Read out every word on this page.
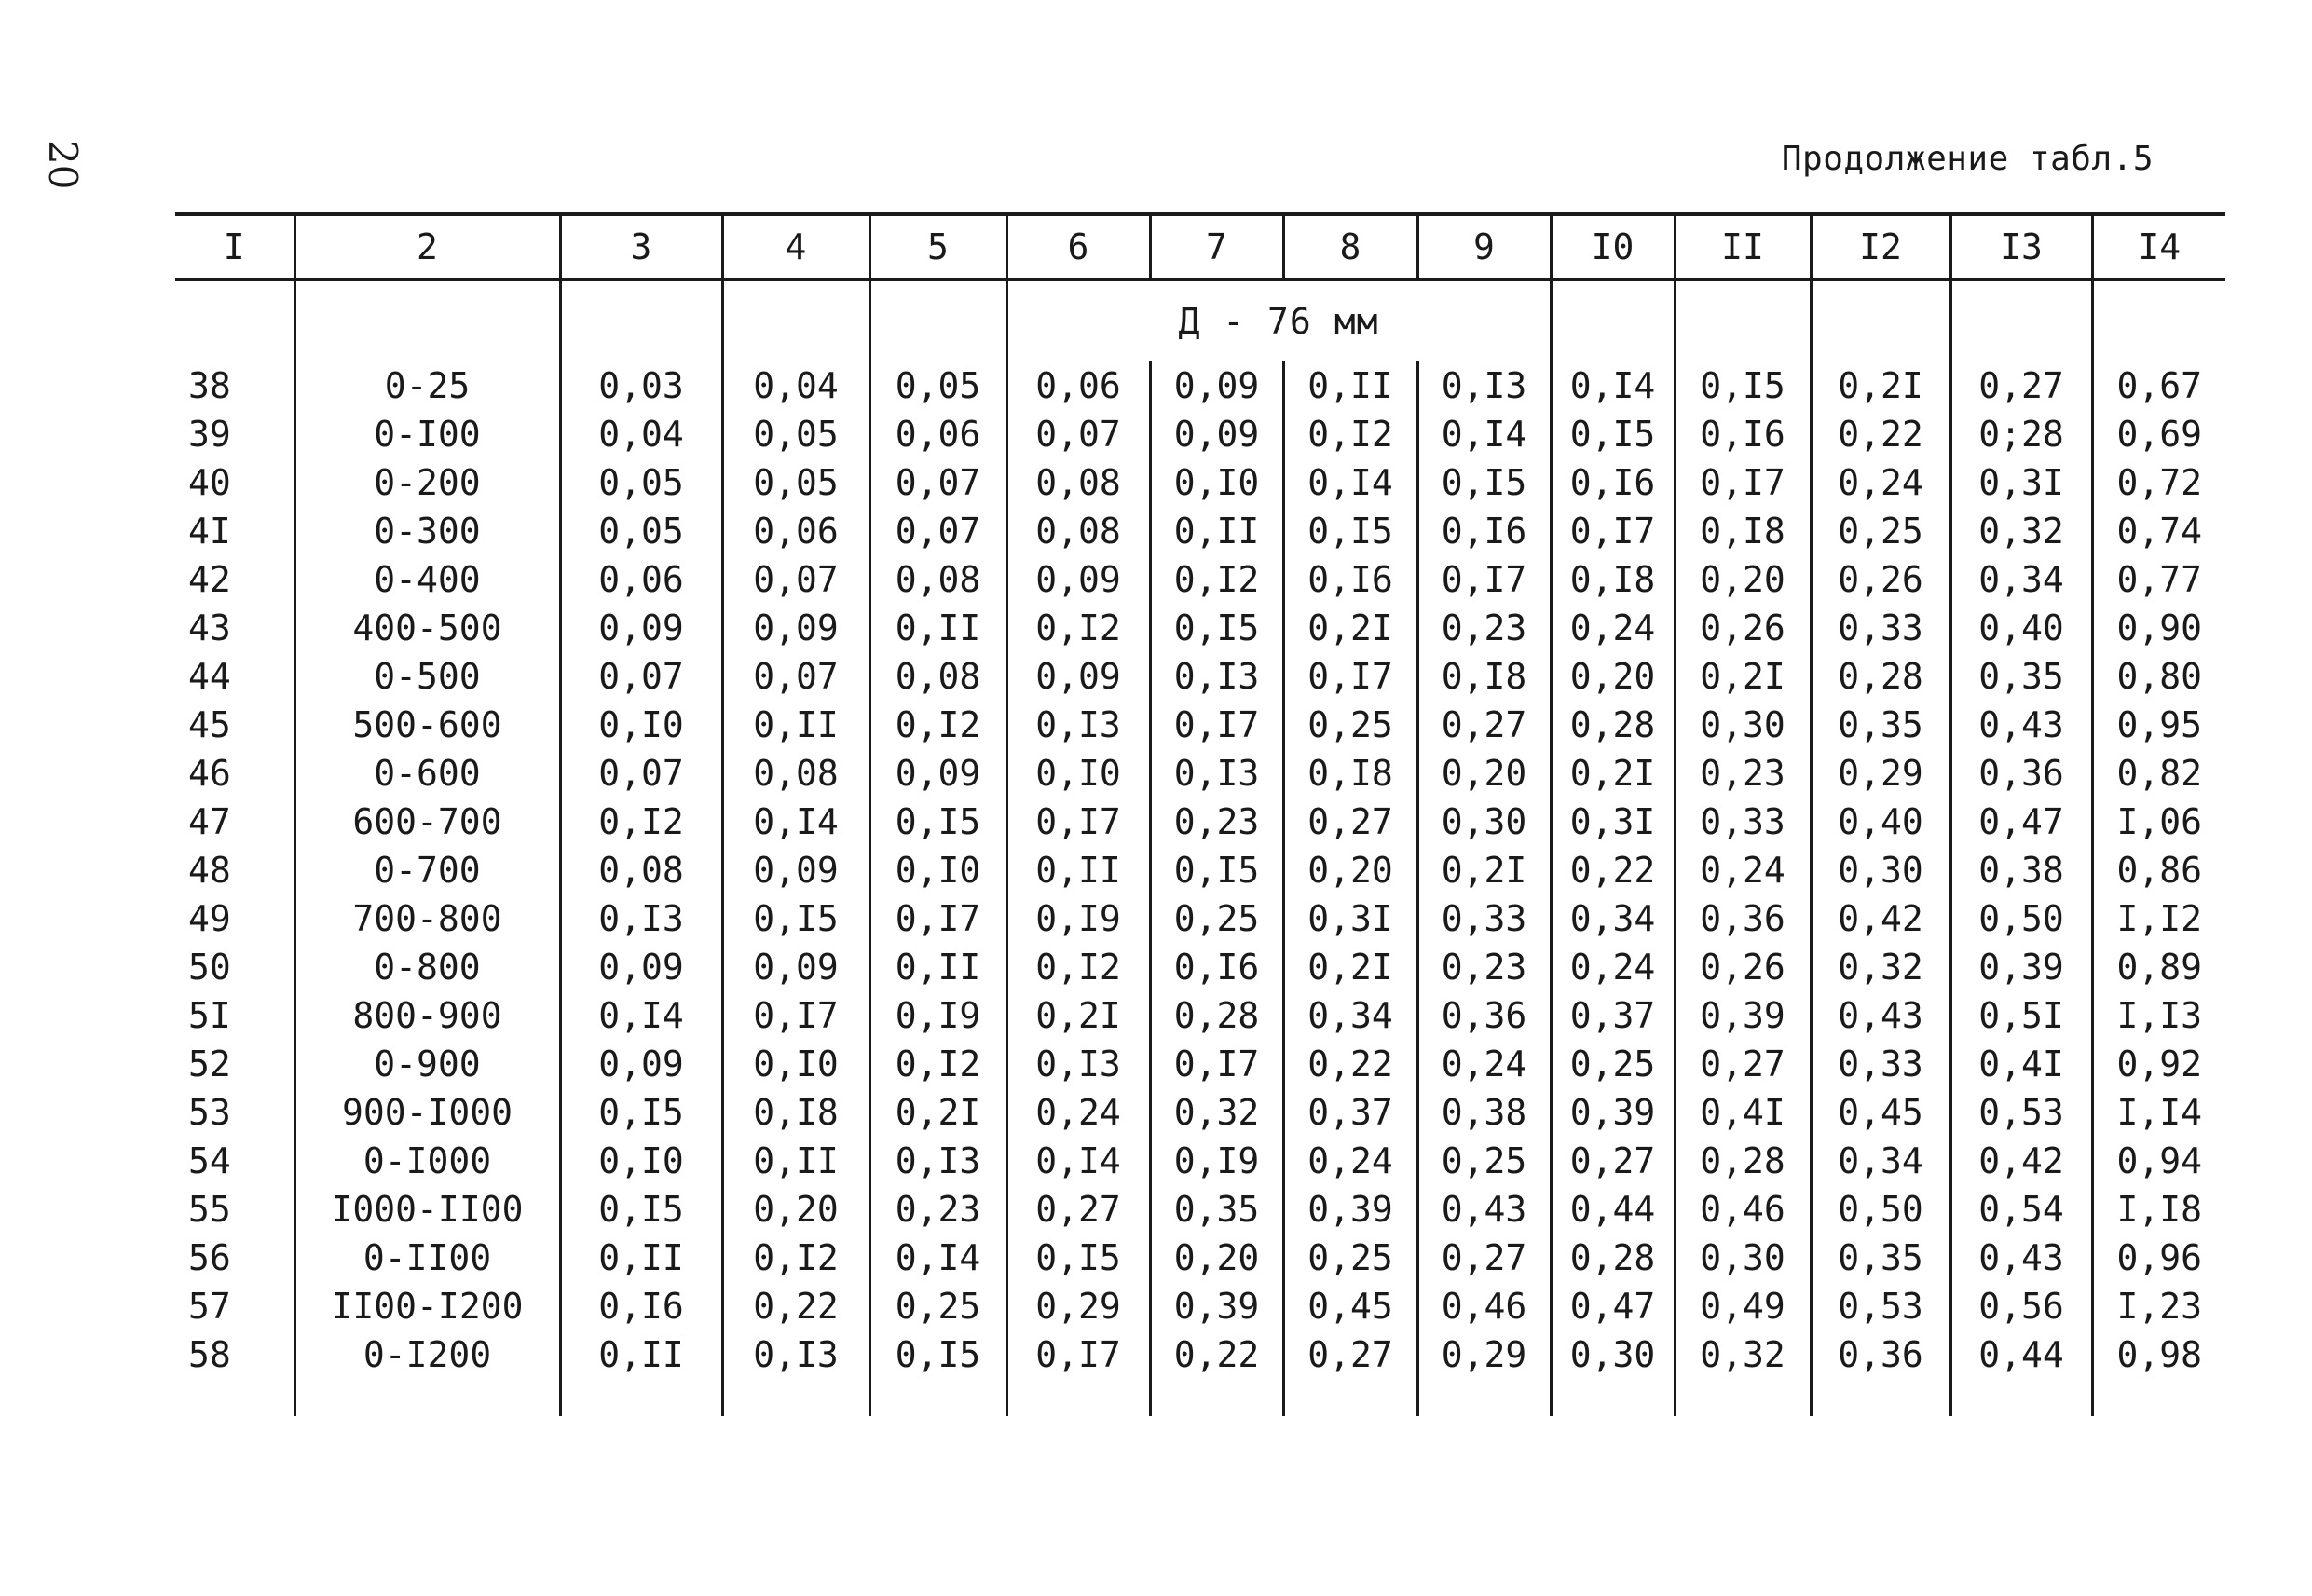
20	Продолжение табл.5
I	2	3	4	5	6	7	8	9	I0	II	I2	I3	I4
					Д - 76 мм								
38	0-25	0,03	0,04	0,05	0,06	0,09	0,II	0,I3	0,I4	0,I5	0,2I	0,27	0,67
39	0-I00	0,04	0,05	0,06	0,07	0,09	0,I2	0,I4	0,I5	0,I6	0,22	0;28	0,69
40	0-200	0,05	0,05	0,07	0,08	0,I0	0,I4	0,I5	0,I6	0,I7	0,24	0,3I	0,72
4I	0-300	0,05	0,06	0,07	0,08	0,II	0,I5	0,I6	0,I7	0,I8	0,25	0,32	0,74
42	0-400	0,06	0,07	0,08	0,09	0,I2	0,I6	0,I7	0,I8	0,20	0,26	0,34	0,77
43	400-500	0,09	0,09	0,II	0,I2	0,I5	0,2I	0,23	0,24	0,26	0,33	0,40	0,90
44	0-500	0,07	0,07	0,08	0,09	0,I3	0,I7	0,I8	0,20	0,2I	0,28	0,35	0,80
45	500-600	0,I0	0,II	0,I2	0,I3	0,I7	0,25	0,27	0,28	0,30	0,35	0,43	0,95
46	0-600	0,07	0,08	0,09	0,I0	0,I3	0,I8	0,20	0,2I	0,23	0,29	0,36	0,82
47	600-700	0,I2	0,I4	0,I5	0,I7	0,23	0,27	0,30	0,3I	0,33	0,40	0,47	I,06
48	0-700	0,08	0,09	0,I0	0,II	0,I5	0,20	0,2I	0,22	0,24	0,30	0,38	0,86
49	700-800	0,I3	0,I5	0,I7	0,I9	0,25	0,3I	0,33	0,34	0,36	0,42	0,50	I,I2
50	0-800	0,09	0,09	0,II	0,I2	0,I6	0,2I	0,23	0,24	0,26	0,32	0,39	0,89
5I	800-900	0,I4	0,I7	0,I9	0,2I	0,28	0,34	0,36	0,37	0,39	0,43	0,5I	I,I3
52	0-900	0,09	0,I0	0,I2	0,I3	0,I7	0,22	0,24	0,25	0,27	0,33	0,4I	0,92
53	900-I000	0,I5	0,I8	0,2I	0,24	0,32	0,37	0,38	0,39	0,4I	0,45	0,53	I,I4
54	0-I000	0,I0	0,II	0,I3	0,I4	0,I9	0,24	0,25	0,27	0,28	0,34	0,42	0,94
55	I000-II00	0,I5	0,20	0,23	0,27	0,35	0,39	0,43	0,44	0,46	0,50	0,54	I,I8
56	0-II00	0,II	0,I2	0,I4	0,I5	0,20	0,25	0,27	0,28	0,30	0,35	0,43	0,96
57	II00-I200	0,I6	0,22	0,25	0,29	0,39	0,45	0,46	0,47	0,49	0,53	0,56	I,23
58	0-I200	0,II	0,I3	0,I5	0,I7	0,22	0,27	0,29	0,30	0,32	0,36	0,44	0,98
